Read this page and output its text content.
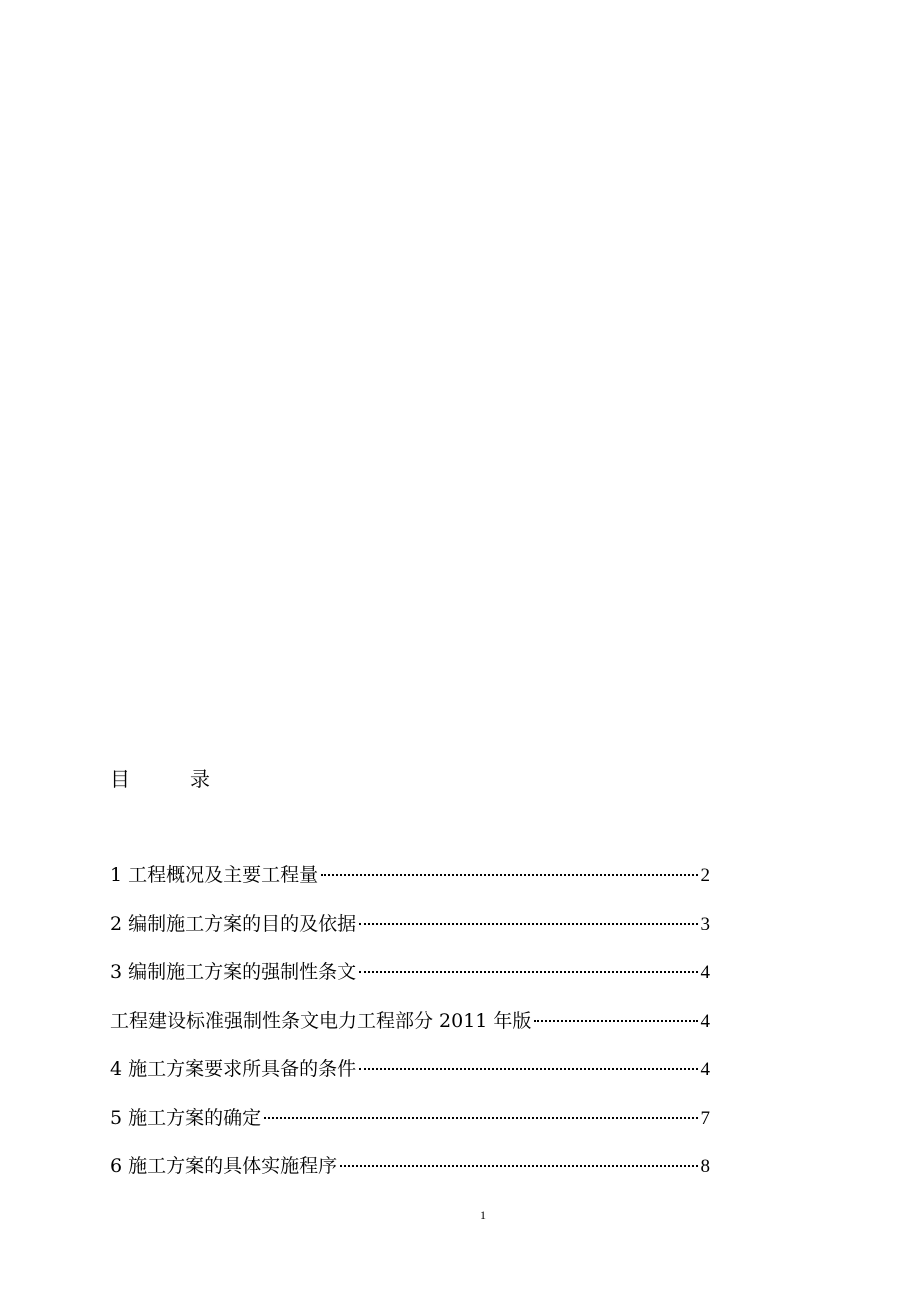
目　　　录
1 工程概况及主要工程量	2
2 编制施工方案的目的及依据	3
3 编制施工方案的强制性条文	4
工程建设标准强制性条文电力工程部分 2011 年版	4
4 施工方案要求所具备的条件	4
5 施工方案的确定	7
6 施工方案的具体实施程序	8
1
